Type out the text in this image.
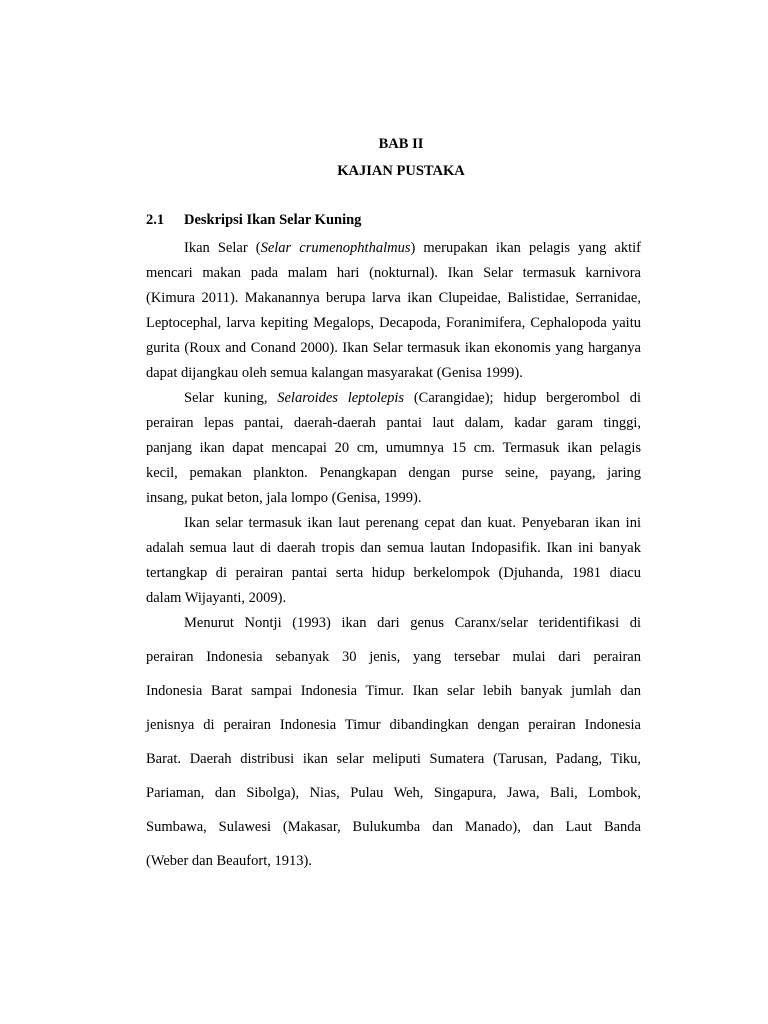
BAB II
KAJIAN PUSTAKA
2.1 Deskripsi Ikan Selar Kuning
Ikan Selar (Selar crumenophthalmus) merupakan ikan pelagis yang aktif
mencari makan pada malam hari (nokturnal). Ikan Selar termasuk karnivora
(Kimura 2011). Makanannya berupa larva ikan Clupeidae, Balistidae, Serranidae,
Leptocephal, larva kepiting Megalops, Decapoda, Foranimifera, Cephalopoda yaitu
gurita (Roux and Conand 2000). Ikan Selar termasuk ikan ekonomis yang harganya
dapat dijangkau oleh semua kalangan masyarakat (Genisa 1999).
Selar kuning, Selaroides leptolepis (Carangidae); hidup bergerombol di
perairan lepas pantai, daerah-daerah pantai laut dalam, kadar garam tinggi,
panjang ikan dapat mencapai 20 cm, umumnya 15 cm. Termasuk ikan pelagis
kecil, pemakan plankton. Penangkapan dengan purse seine, payang, jaring
insang, pukat beton, jala lompo (Genisa, 1999).
Ikan selar termasuk ikan laut perenang cepat dan kuat. Penyebaran ikan ini
adalah semua laut di daerah tropis dan semua lautan Indopasifik. Ikan ini banyak
tertangkap di perairan pantai serta hidup berkelompok (Djuhanda, 1981 diacu
dalam Wijayanti, 2009).
Menurut Nontji (1993) ikan dari genus Caranx/selar teridentifikasi di
perairan Indonesia sebanyak 30 jenis, yang tersebar mulai dari perairan
Indonesia Barat sampai Indonesia Timur. Ikan selar lebih banyak jumlah dan
jenisnya di perairan Indonesia Timur dibandingkan dengan perairan Indonesia
Barat. Daerah distribusi ikan selar meliputi Sumatera (Tarusan, Padang, Tiku,
Pariaman, dan Sibolga), Nias, Pulau Weh, Singapura, Jawa, Bali, Lombok,
Sumbawa, Sulawesi (Makasar, Bulukumba dan Manado), dan Laut Banda
(Weber dan Beaufort, 1913).
